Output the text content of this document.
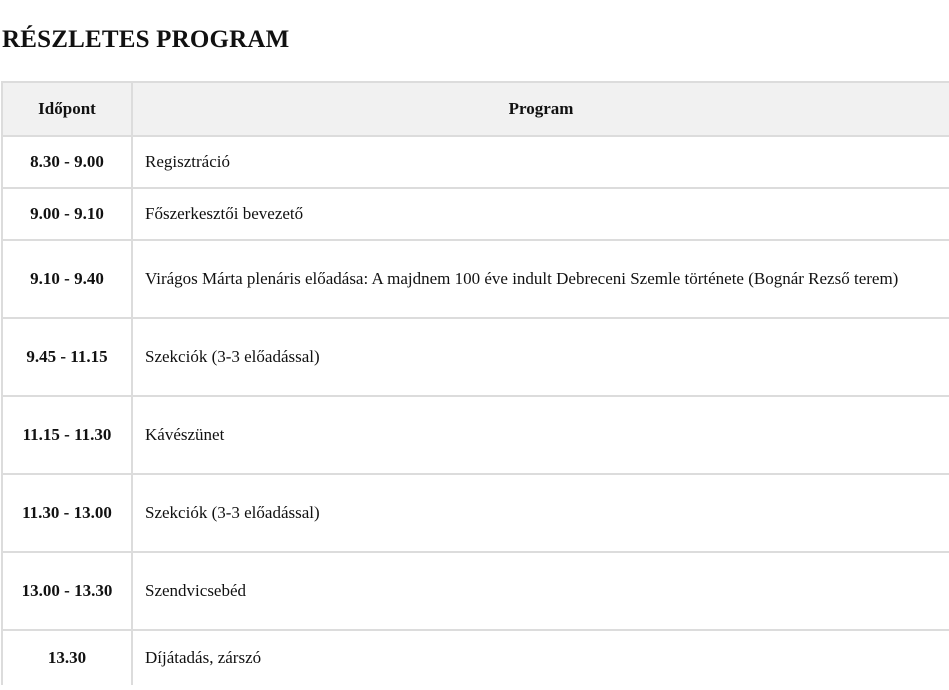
RÉSZLETES PROGRAM
Időpont	Program
8.30 - 9.00	Regisztráció
9.00 - 9.10	Főszerkesztői bevezető
9.10 - 9.40	Virágos Márta plenáris előadása: A majdnem 100 éve indult Debreceni Szemle története (Bognár Rezső terem)
9.45 - 11.15	Szekciók (3-3 előadással)
11.15 - 11.30	Kávészünet
11.30 - 13.00	Szekciók (3-3 előadással)
13.00 - 13.30	Szendvicsebéd
13.30	Díjátadás, zárszó
